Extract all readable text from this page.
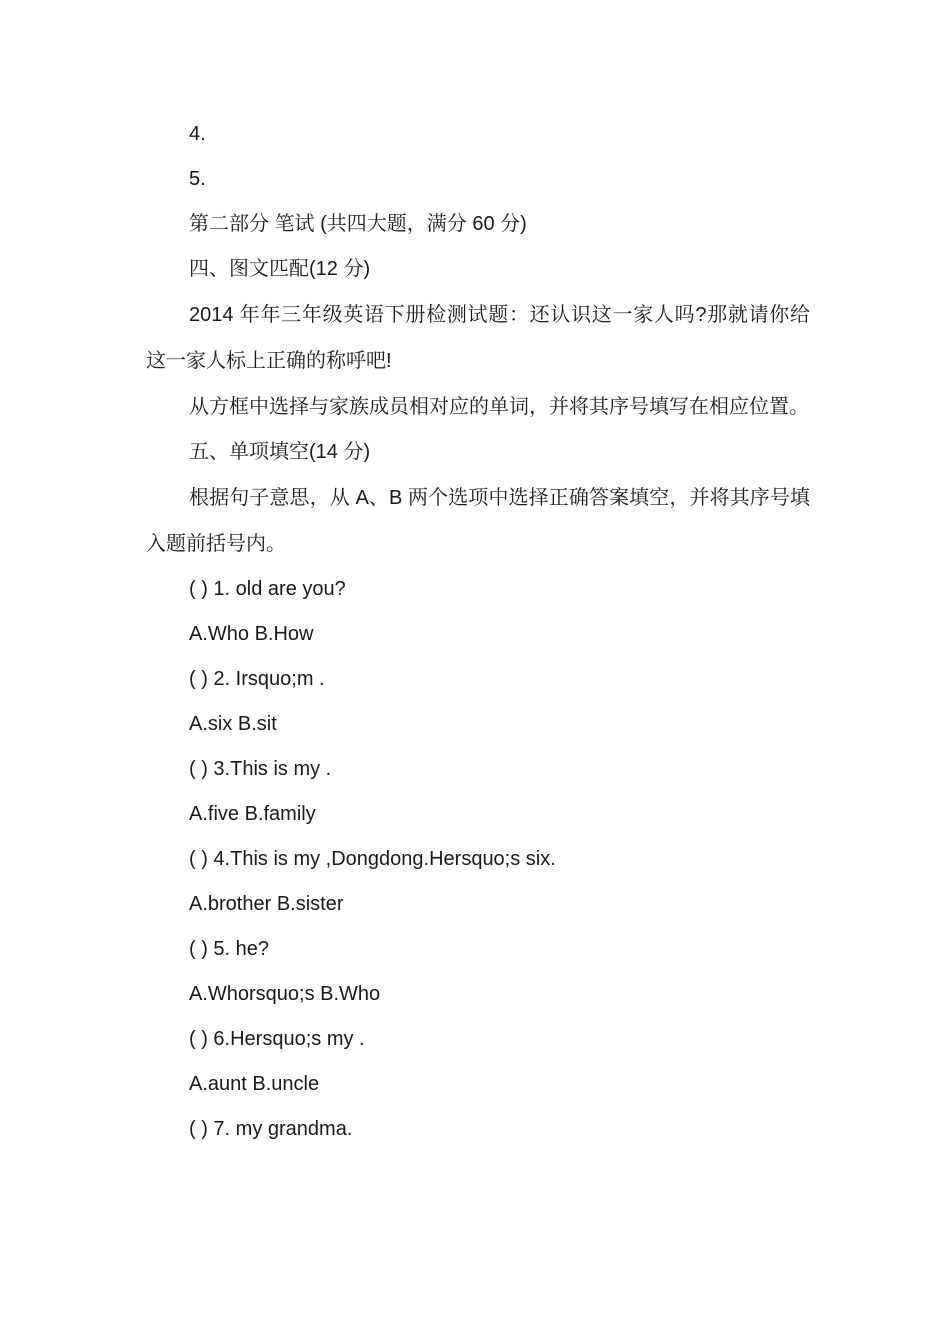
4.

5.

第二部分 笔试 (共四大题，满分 60 分)

四、图文匹配(12 分)

2014 年年三年级英语下册检测试题：还认识这一家人吗?那就请你给这一家人标上正确的称呼吧!

从方框中选择与家族成员相对应的单词，并将其序号填写在相应位置。

五、单项填空(14 分)

根据句子意思，从 A、B 两个选项中选择正确答案填空，并将其序号填入题前括号内。

( ) 1. old are you?

A.Who B.How

( ) 2. Irsquo;m .

A.six B.sit

( ) 3.This is my .

A.five B.family

( ) 4.This is my ,Dongdong.Hersquo;s six.

A.brother B.sister

( ) 5. he?

A.Whorsquo;s B.Who

( ) 6.Hersquo;s my .

A.aunt B.uncle

( ) 7. my grandma.
